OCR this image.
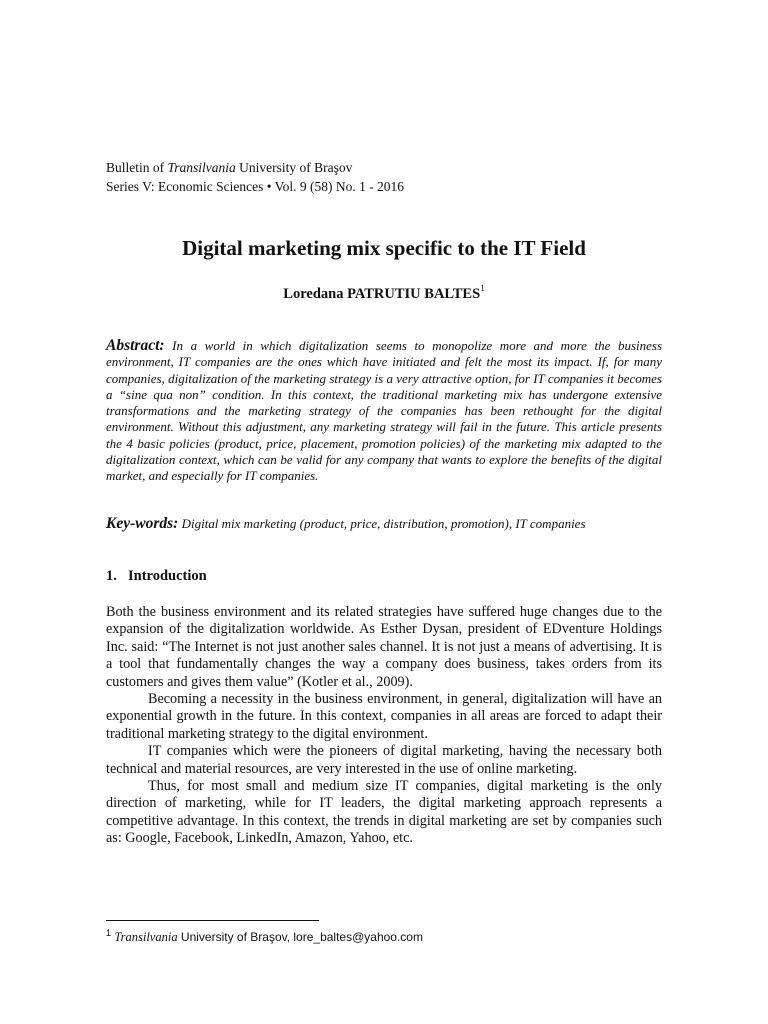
Bulletin of Transilvania University of Braşov
Series V: Economic Sciences • Vol. 9 (58) No. 1 - 2016
Digital marketing mix specific to the IT Field
Loredana PATRUTIU BALTES$^1$
Abstract: In a world in which digitalization seems to monopolize more and more the business environment, IT companies are the ones which have initiated and felt the most its impact. If, for many companies, digitalization of the marketing strategy is a very attractive option, for IT companies it becomes a “sine qua non” condition. In this context, the traditional marketing mix has undergone extensive transformations and the marketing strategy of the companies has been rethought for the digital environment. Without this adjustment, any marketing strategy will fail in the future. This article presents the 4 basic policies (product, price, placement, promotion policies) of the marketing mix adapted to the digitalization context, which can be valid for any company that wants to explore the benefits of the digital market, and especially for IT companies.
Key-words: Digital mix marketing (product, price, distribution, promotion), IT companies
1. Introduction

Both the business environment and its related strategies have suffered huge changes due to the expansion of the digitalization worldwide. As Esther Dysan, president of EDventure Holdings Inc. said: “The Internet is not just another sales channel. It is not just a means of advertising. It is a tool that fundamentally changes the way a company does business, takes orders from its customers and gives them value” (Kotler et al., 2009).

Becoming a necessity in the business environment, in general, digitalization will have an exponential growth in the future. In this context, companies in all areas are forced to adapt their traditional marketing strategy to the digital environment.

IT companies which were the pioneers of digital marketing, having the necessary both technical and material resources, are very interested in the use of online marketing.

Thus, for most small and medium size IT companies, digital marketing is the only direction of marketing, while for IT leaders, the digital marketing approach represents a competitive advantage. In this context, the trends in digital marketing are set by companies such as: Google, Facebook, LinkedIn, Amazon, Yahoo, etc.

$^1$ Transilvania University of Braşov, lore_baltes@yahoo.com
